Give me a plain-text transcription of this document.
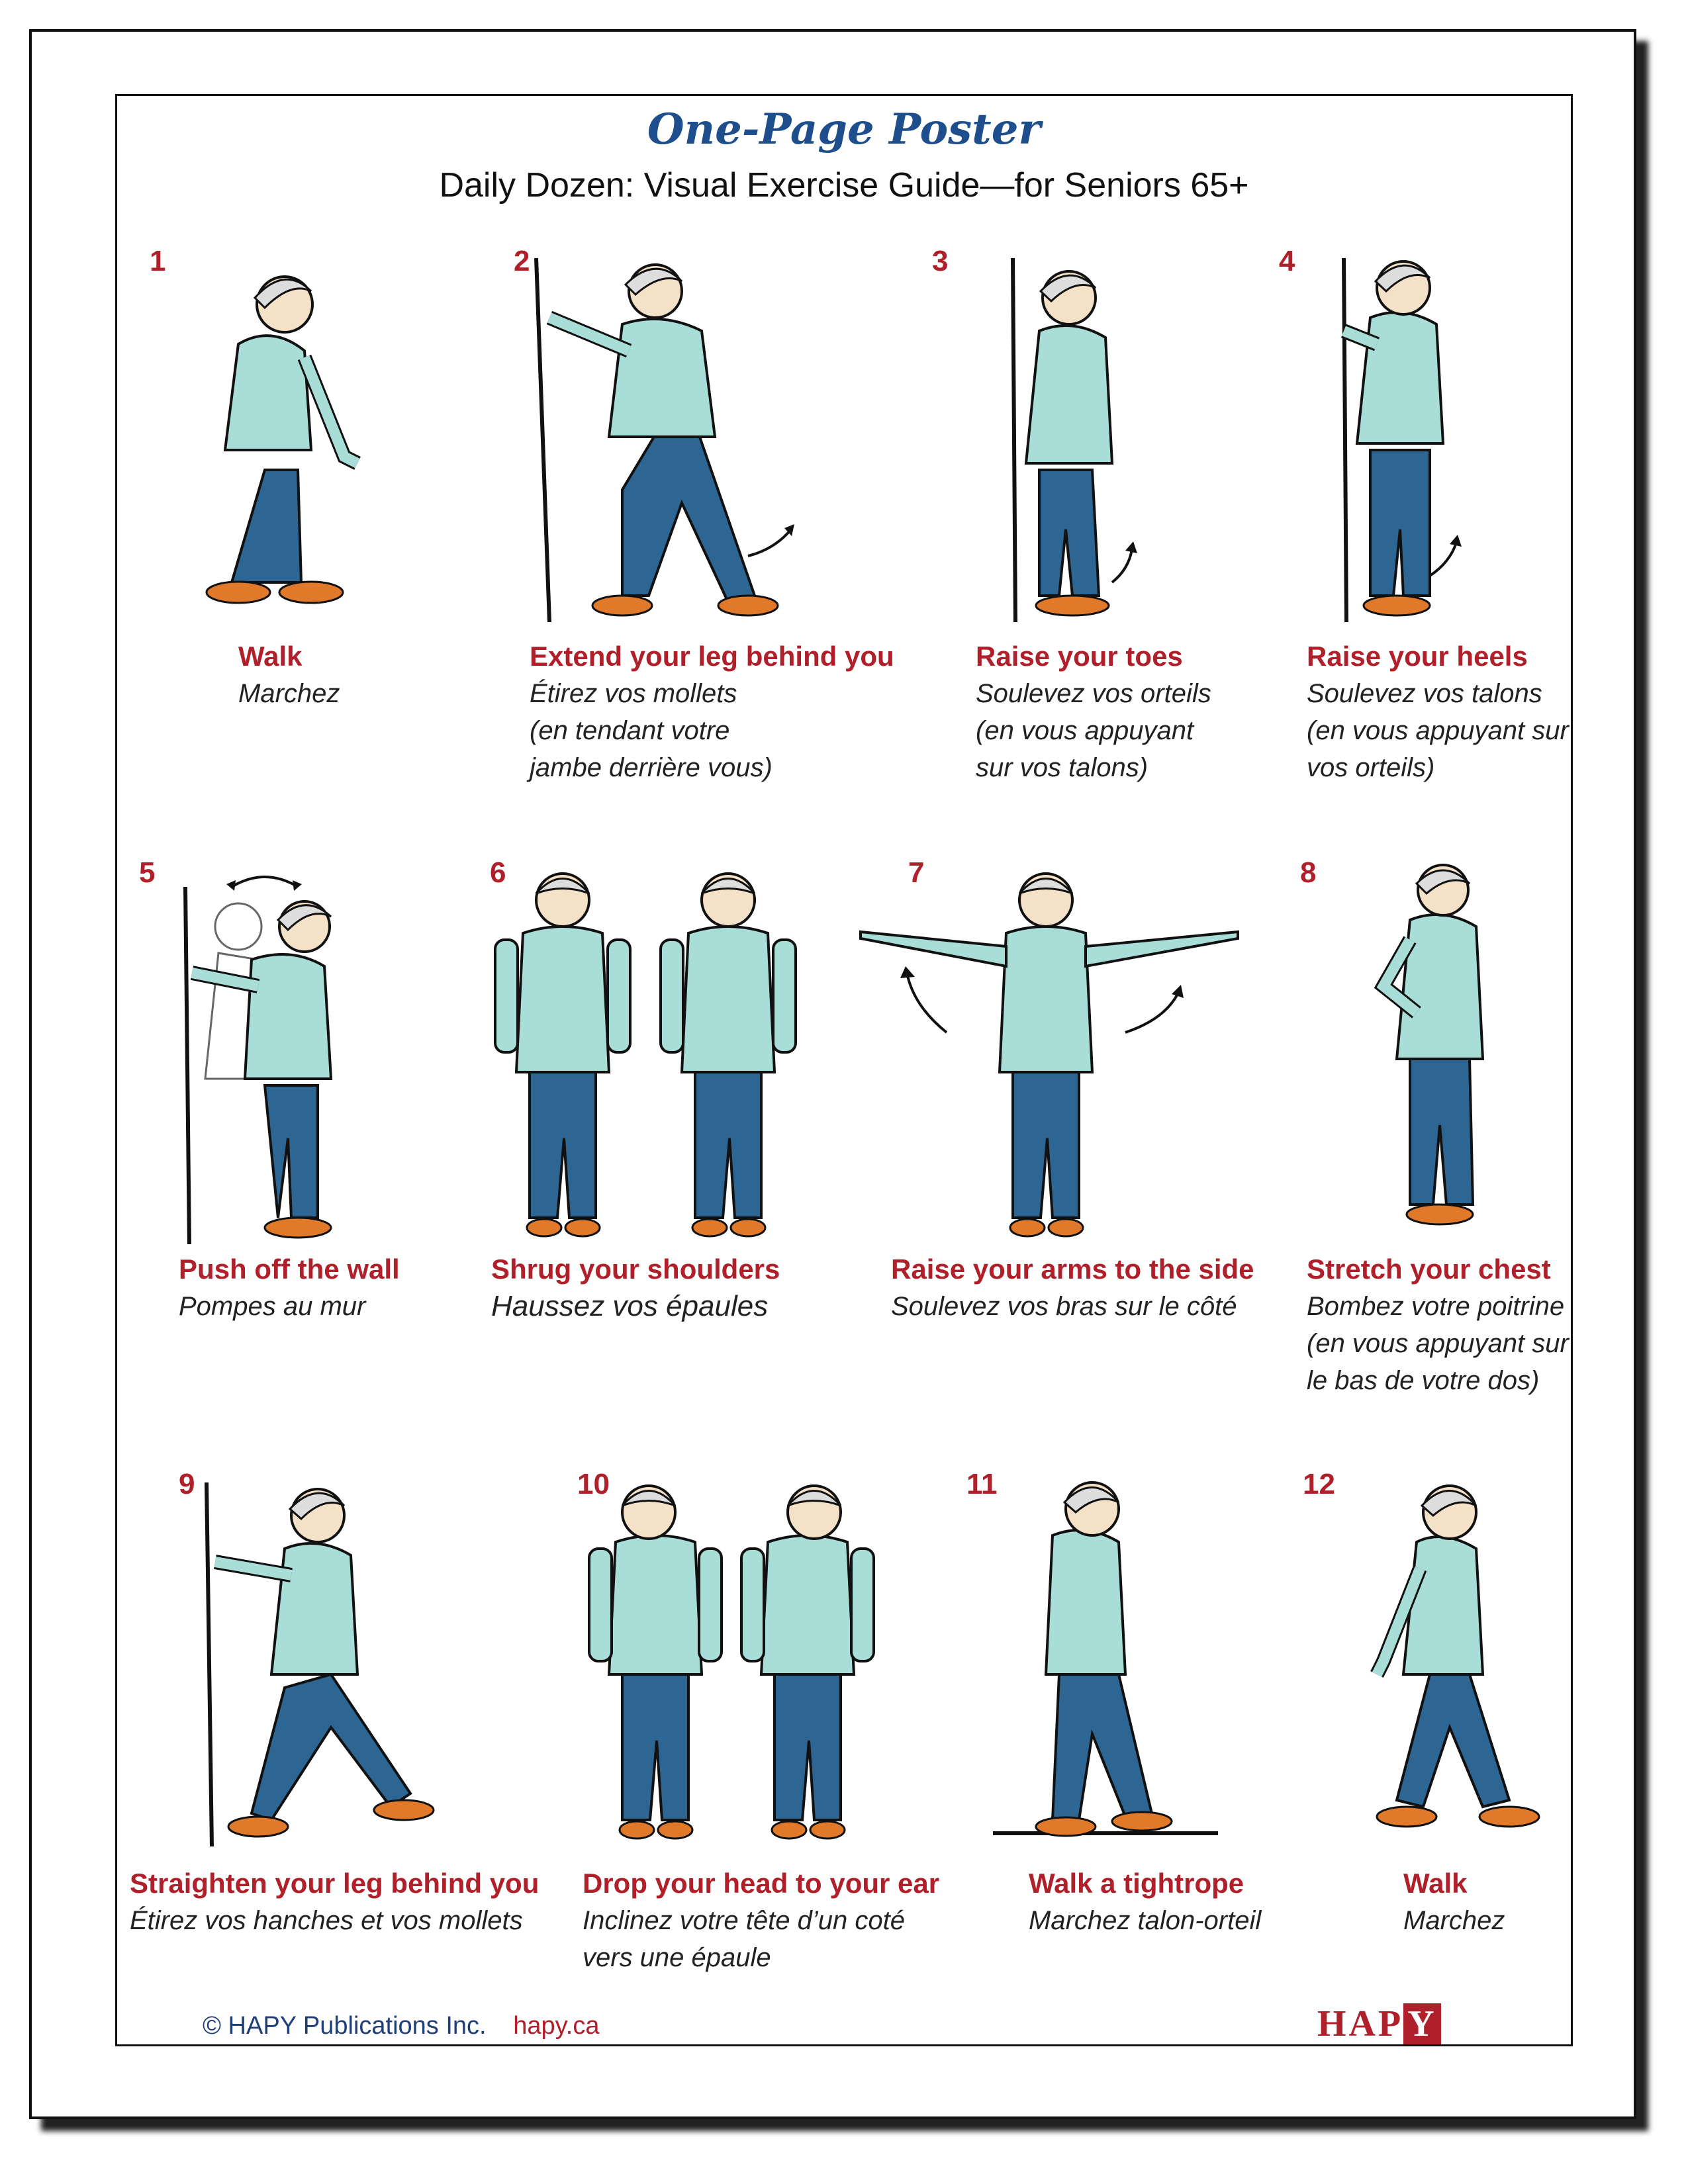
One-Page Poster
Daily Dozen: Visual Exercise Guide—for Seniors 65+
1	2	3	4
Walk
Marchez
Extend your leg behind you
Étirez vos mollets
(en tendant votre
jambe derrière vous)
Raise your toes
Soulevez vos orteils
(en vous appuyant
sur vos talons)
Raise your heels
Soulevez vos talons
(en vous appuyant sur
vos orteils)
5	6	7	8
Push off the wall
Pompes au mur
Shrug your shoulders
Haussez vos épaules
Raise your arms to the side
Soulevez vos bras sur le côté
Stretch your chest
Bombez votre poitrine
(en vous appuyant sur
le bas de votre dos)
9	10	11	12
Straighten your leg behind you
Étirez vos hanches et vos mollets
Drop your head to your ear
Inclinez votre tête d’un coté
vers une épaule
Walk a tightrope
Marchez talon-orteil
Walk
Marchez
© HAPY Publications Inc. hapy.ca	HAP Y
